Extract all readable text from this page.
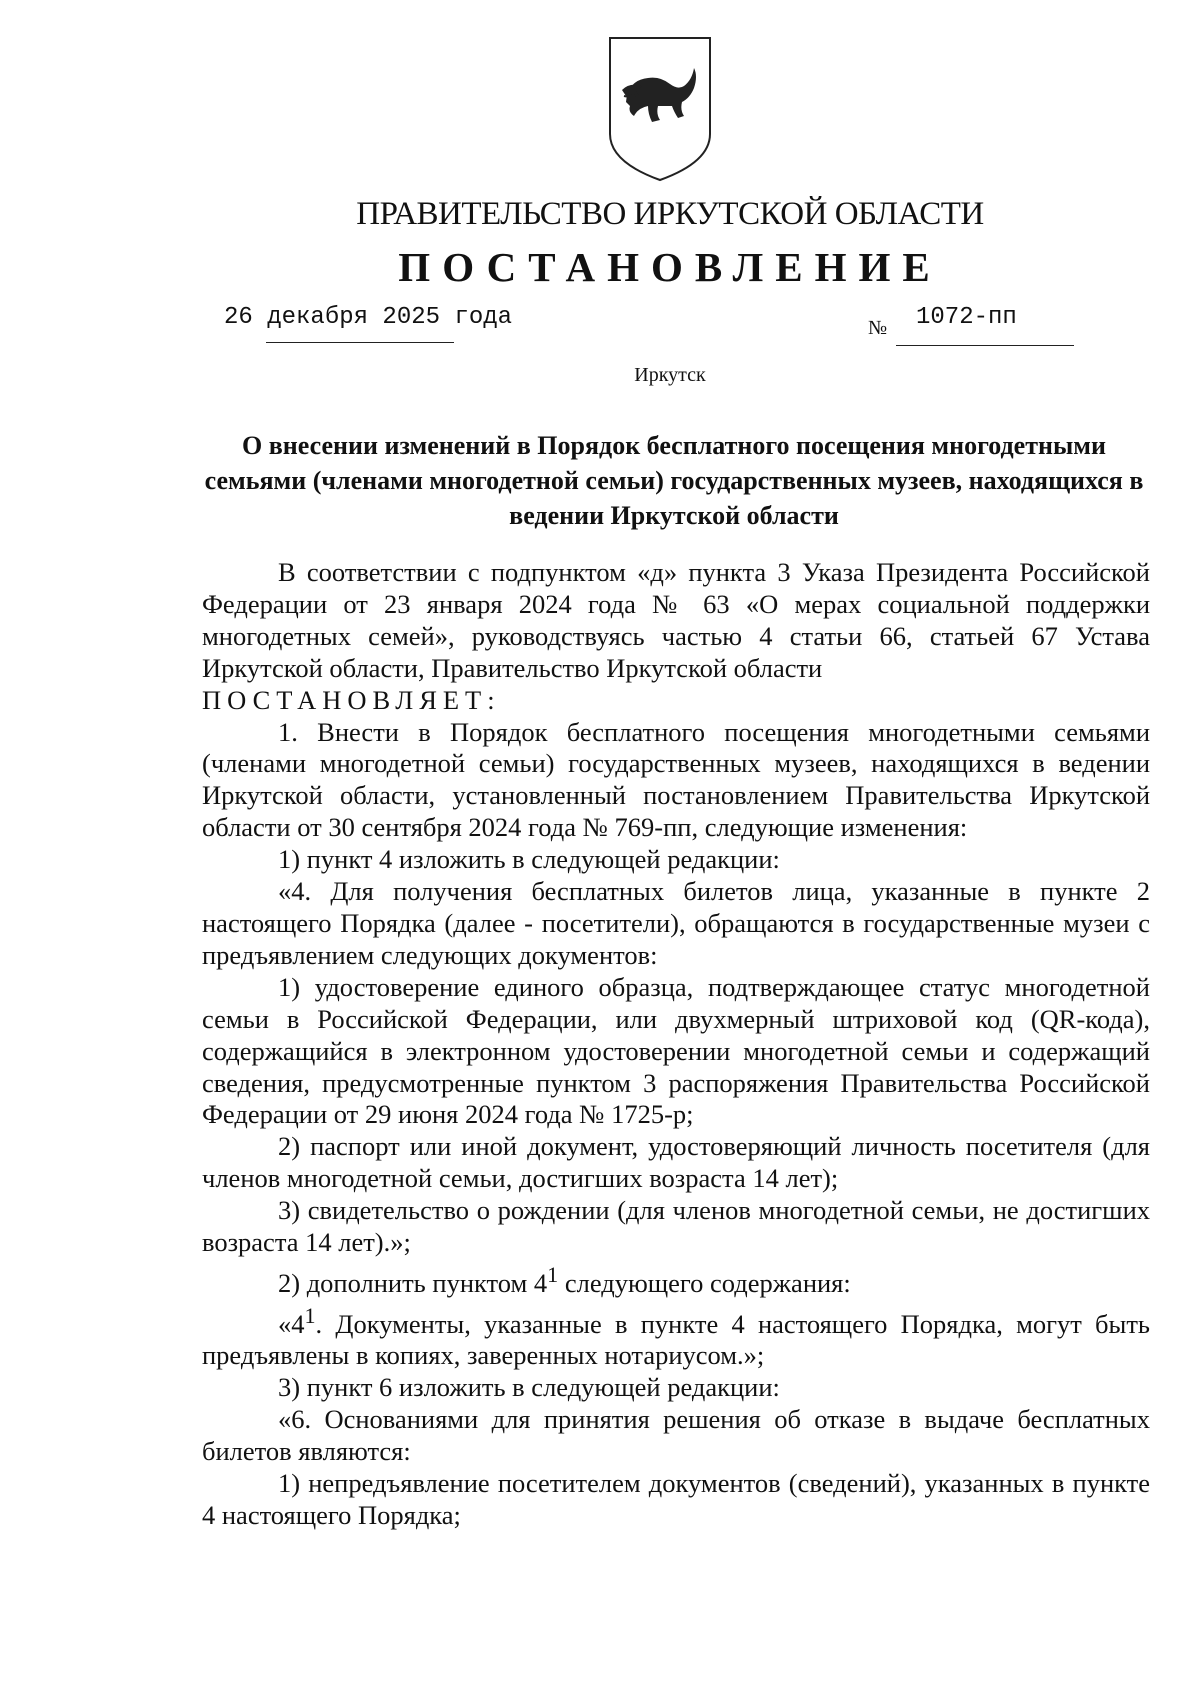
ПРАВИТЕЛЬСТВО ИРКУТСКОЙ ОБЛАСТИ
ПОСТАНОВЛЕНИЕ
26 декабря 2025 года	№ 1072-пп
Иркутск
О внесении изменений в Порядок бесплатного посещения многодетными семьями (членами многодетной семьи) государственных музеев, находящихся в ведении Иркутской области

В соответствии с подпунктом «д» пункта 3 Указа Президента Российской Федерации от 23 января 2024 года № 63 «О мерах социальной поддержки многодетных семей», руководствуясь частью 4 статьи 66, статьей 67 Устава Иркутской области, Правительство Иркутской области

ПОСТАНОВЛЯЕТ:

1. Внести в Порядок бесплатного посещения многодетными семьями (членами многодетной семьи) государственных музеев, находящихся в ведении Иркутской области, установленный постановлением Правительства Иркутской области от 30 сентября 2024 года № 769-пп, следующие изменения:

1) пункт 4 изложить в следующей редакции:

«4. Для получения бесплатных билетов лица, указанные в пункте 2 настоящего Порядка (далее - посетители), обращаются в государственные музеи с предъявлением следующих документов:

1) удостоверение единого образца, подтверждающее статус многодетной семьи в Российской Федерации, или двухмерный штриховой код (QR-кода), содержащийся в электронном удостоверении многодетной семьи и содержащий сведения, предусмотренные пунктом 3 распоряжения Правительства Российской Федерации от 29 июня 2024 года № 1725-р;

2) паспорт или иной документ, удостоверяющий личность посетителя (для членов многодетной семьи, достигших возраста 14 лет);

3) свидетельство о рождении (для членов многодетной семьи, не достигших возраста 14 лет).»;

2) дополнить пунктом $4^1$ следующего содержания:

«$4^1$. Документы, указанные в пункте 4 настоящего Порядка, могут быть предъявлены в копиях, заверенных нотариусом.»;

3) пункт 6 изложить в следующей редакции:

«6. Основаниями для принятия решения об отказе в выдаче бесплатных билетов являются:

1) непредъявление посетителем документов (сведений), указанных в пункте 4 настоящего Порядка;
